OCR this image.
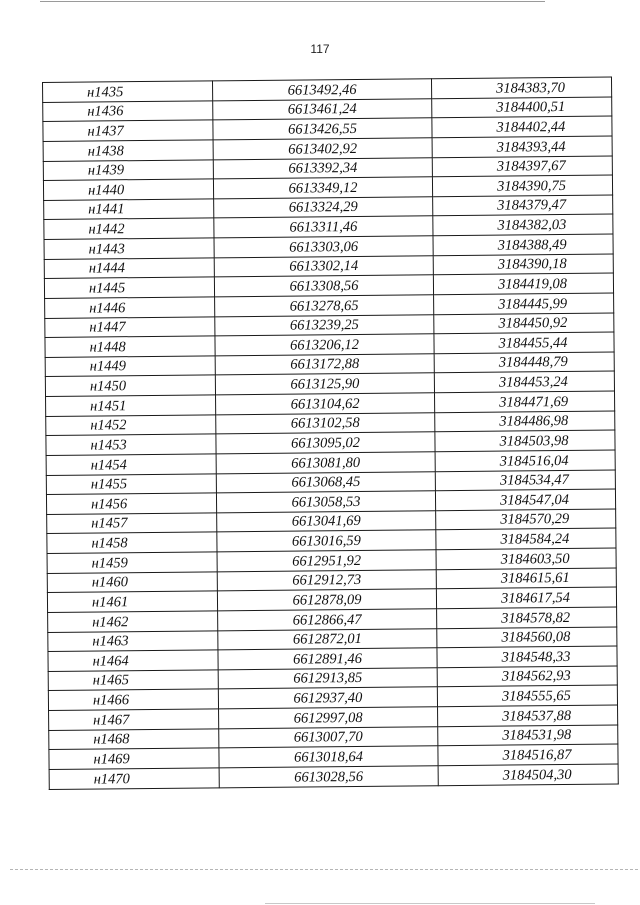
117
н1435	6613492,46	3184383,70
н1436	6613461,24	3184400,51
н1437	6613426,55	3184402,44
н1438	6613402,92	3184393,44
н1439	6613392,34	3184397,67
н1440	6613349,12	3184390,75
н1441	6613324,29	3184379,47
н1442	6613311,46	3184382,03
н1443	6613303,06	3184388,49
н1444	6613302,14	3184390,18
н1445	6613308,56	3184419,08
н1446	6613278,65	3184445,99
н1447	6613239,25	3184450,92
н1448	6613206,12	3184455,44
н1449	6613172,88	3184448,79
н1450	6613125,90	3184453,24
н1451	6613104,62	3184471,69
н1452	6613102,58	3184486,98
н1453	6613095,02	3184503,98
н1454	6613081,80	3184516,04
н1455	6613068,45	3184534,47
н1456	6613058,53	3184547,04
н1457	6613041,69	3184570,29
н1458	6613016,59	3184584,24
н1459	6612951,92	3184603,50
н1460	6612912,73	3184615,61
н1461	6612878,09	3184617,54
н1462	6612866,47	3184578,82
н1463	6612872,01	3184560,08
н1464	6612891,46	3184548,33
н1465	6612913,85	3184562,93
н1466	6612937,40	3184555,65
н1467	6612997,08	3184537,88
н1468	6613007,70	3184531,98
н1469	6613018,64	3184516,87
н1470	6613028,56	3184504,30
